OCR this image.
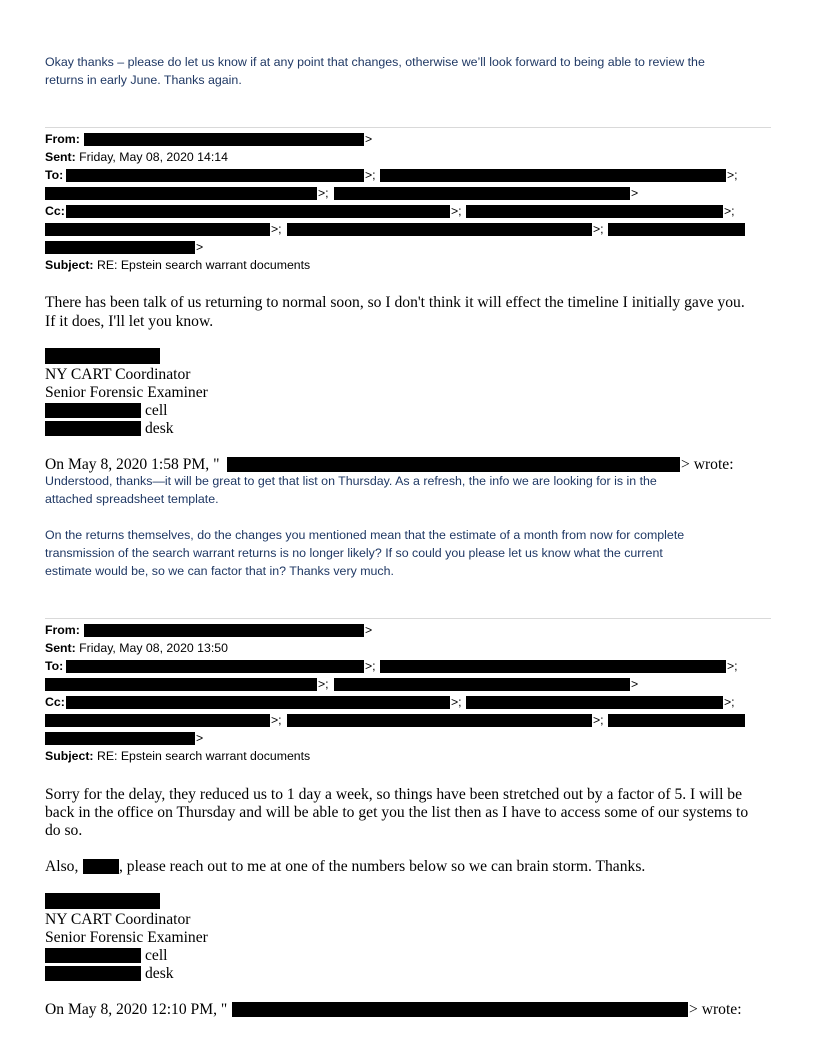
Okay thanks – please do let us know if at any point that changes, otherwise we’ll look forward to being able to review the
returns in early June. Thanks again.
From:	>
Sent: Friday, May 08, 2020 14:14
To:	>;	>;
>;	>
Cc:	>;	>;
>;	>;
>
Subject: RE: Epstein search warrant documents
There has been talk of us returning to normal soon, so I don't think it will effect the timeline I initially gave you.
If it does, I'll let you know.
NY CART Coordinator
Senior Forensic Examiner
cell
desk
On May 8, 2020 1:58 PM, "	> wrote:
Understood, thanks—it will be great to get that list on Thursday. As a refresh, the info we are looking for is in the
attached spreadsheet template.
On the returns themselves, do the changes you mentioned mean that the estimate of a month from now for complete
transmission of the search warrant returns is no longer likely? If so could you please let us know what the current
estimate would be, so we can factor that in? Thanks very much.
From:	>
Sent: Friday, May 08, 2020 13:50
To:	>;	>;
>;	>
Cc:	>;	>;
>;	>;
>
Subject: RE: Epstein search warrant documents
Sorry for the delay, they reduced us to 1 day a week, so things have been stretched out by a factor of 5. I will be
back in the office on Thursday and will be able to get you the list then as I have to access some of our systems to
do so.
Also,	, please reach out to me at one of the numbers below so we can brain storm. Thanks.
NY CART Coordinator
Senior Forensic Examiner
cell
desk
On May 8, 2020 12:10 PM, "	> wrote:
